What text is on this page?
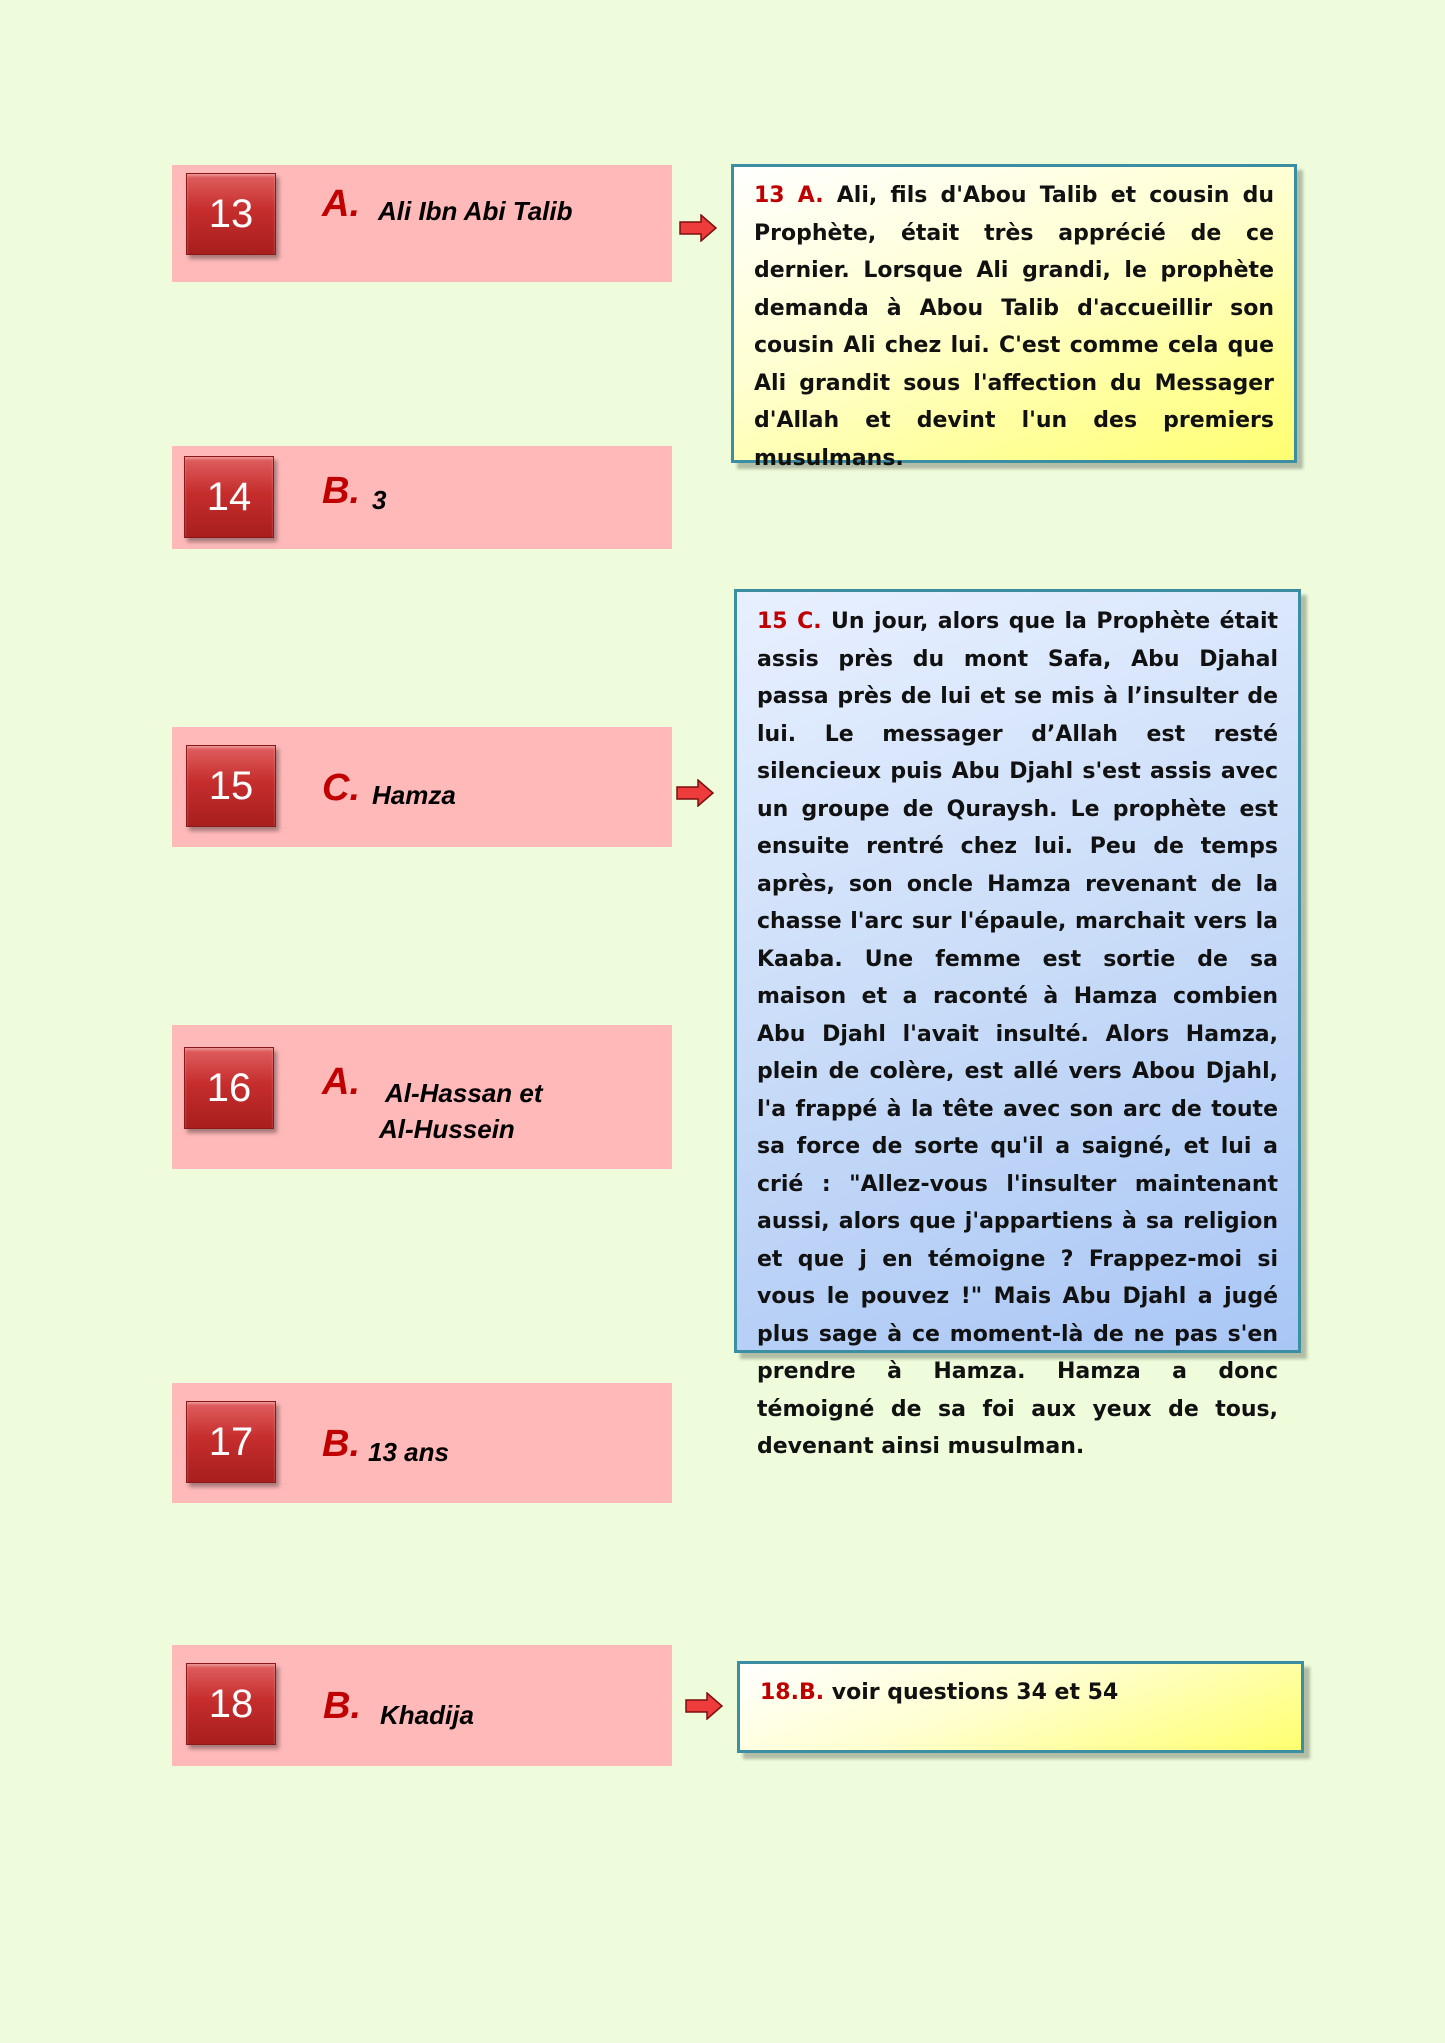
13	A. Ali Ibn Abi Talib
14	B. 3
15	C. Hamza
16	A. Al-Hassan et
Al-Hussein
17	B. 13 ans
18	B. Khadija
13 A. Ali, fils d'Abou Talib et cousin du Prophète, était très apprécié de ce dernier. Lorsque Ali grandi, le prophète demanda à Abou Talib d'accueillir son cousin Ali chez lui. C'est comme cela que Ali grandit sous l'affection du Messager d'Allah et devint l'un des premiers musulmans.
15 C. Un jour, alors que la Prophète était assis près du mont Safa, Abu Djahal passa près de lui et se mis à l’insulter de lui. Le messager d’Allah est resté silencieux puis Abu Djahl s'est assis avec un groupe de Quraysh. Le prophète est ensuite rentré chez lui. Peu de temps après, son oncle Hamza revenant de la chasse l'arc sur l'épaule, marchait vers la Kaaba. Une femme est sortie de sa maison et a raconté à Hamza combien Abu Djahl l'avait insulté. Alors Hamza, plein de colère, est allé vers Abou Djahl, l'a frappé à la tête avec son arc de toute sa force de sorte qu'il a saigné, et lui a crié : "Allez-vous l'insulter maintenant aussi, alors que j'appartiens à sa religion et que j en témoigne ? Frappez-moi si vous le pouvez !" Mais Abu Djahl a jugé plus sage à ce moment-là de ne pas s'en prendre à Hamza. Hamza a donc témoigné de sa foi aux yeux de tous, devenant ainsi musulman.
18.B. voir questions 34 et 54
